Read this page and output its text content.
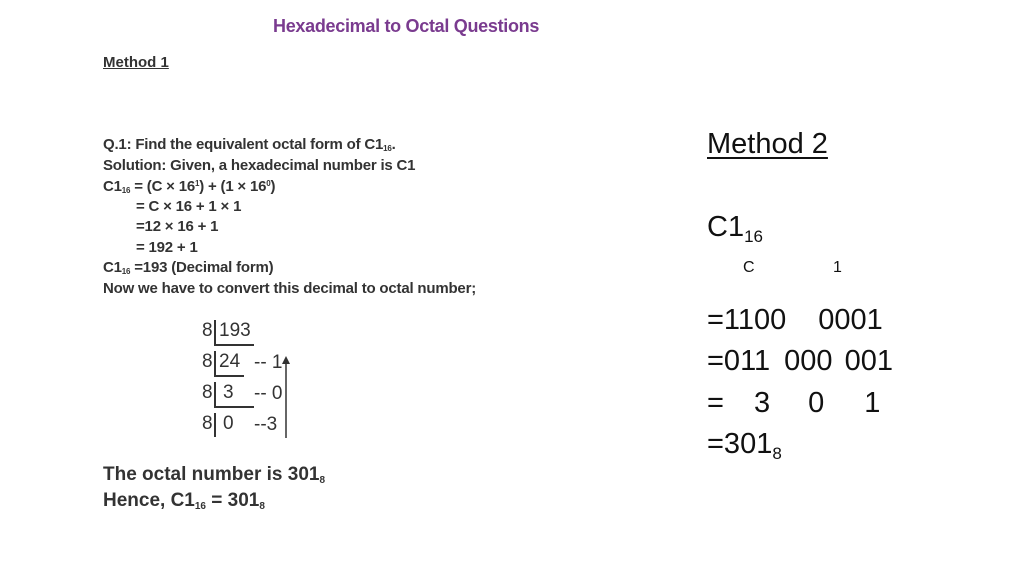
Hexadecimal to Octal Questions
Method 1
Q.1: Find the equivalent octal form of $C1_{16}$.
Solution: Given, a hexadecimal number is C1
$C1_{16} = (C \times 16^1) + (1 \times 16^0)$
= C × 16 + 1 × 1
=12 × 16 + 1
= 192 + 1
$C1_{16} =193$ (Decimal form)
Now we have to convert this decimal to octal number;
8 193
8 24 -- 1
8 3 -- 0
8 0 --3
The octal number is $301_8$
Hence, $C1_{16} = 301_8$
Method 2
$C1_{16}$
C	1
=1100 0001
=011 000 001
= 3 0 1
$=301_8$
